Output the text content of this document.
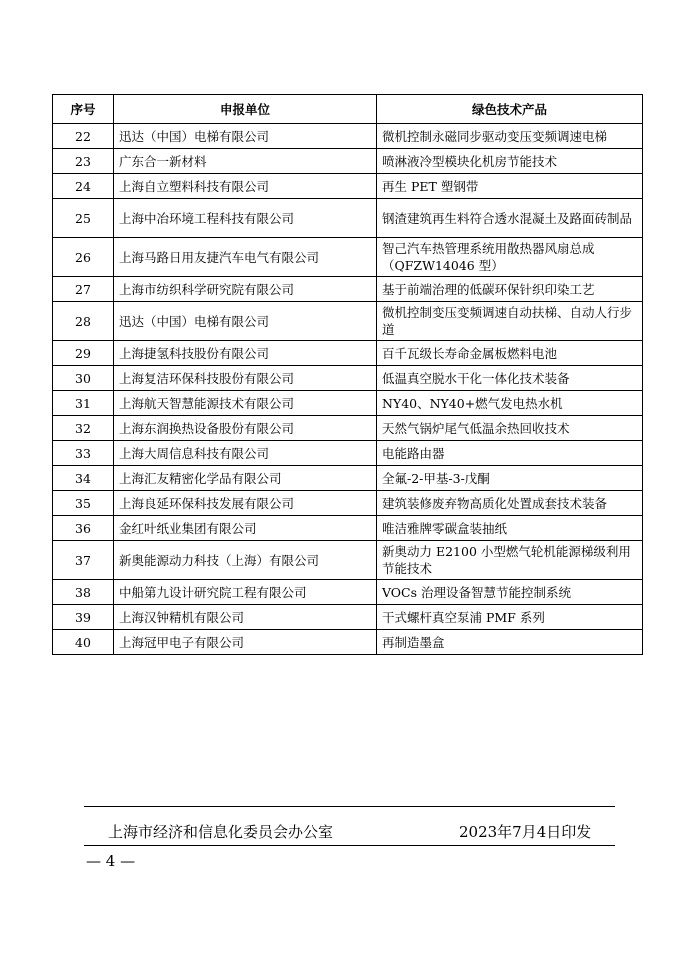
序号	申报单位	绿色技术产品
22	迅达（中国）电梯有限公司	微机控制永磁同步驱动变压变频调速电梯
23	广东合一新材料	喷淋液冷型模块化机房节能技术
24	上海自立塑料科技有限公司	再生 PET 塑钢带
25	上海中冶环境工程科技有限公司	钢渣建筑再生料符合透水混凝土及路面砖制品
26	上海马路日用友捷汽车电气有限公司	智己汽车热管理系统用散热器风扇总成（QFZW14046 型）
27	上海市纺织科学研究院有限公司	基于前端治理的低碳环保针织印染工艺
28	迅达（中国）电梯有限公司	微机控制变压变频调速自动扶梯、自动人行步道
29	上海捷氢科技股份有限公司	百千瓦级长寿命金属板燃料电池
30	上海复洁环保科技股份有限公司	低温真空脱水干化一体化技术装备
31	上海航天智慧能源技术有限公司	NY40、NY40+燃气发电热水机
32	上海东润换热设备股份有限公司	天然气锅炉尾气低温余热回收技术
33	上海大周信息科技有限公司	电能路由器
34	上海汇友精密化学品有限公司	全氟-2-甲基-3-戊酮
35	上海良延环保科技发展有限公司	建筑装修废弃物高质化处置成套技术装备
36	金红叶纸业集团有限公司	唯洁雅牌零碳盒装抽纸
37	新奥能源动力科技（上海）有限公司	新奥动力 E2100 小型燃气轮机能源梯级利用节能技术
38	中船第九设计研究院工程有限公司	VOCs 治理设备智慧节能控制系统
39	上海汉钟精机有限公司	干式螺杆真空泵浦 PMF 系列
40	上海冠甲电子有限公司	再制造墨盒
上海市经济和信息化委员会办公室	2023年7月4日印发
— 4 —
